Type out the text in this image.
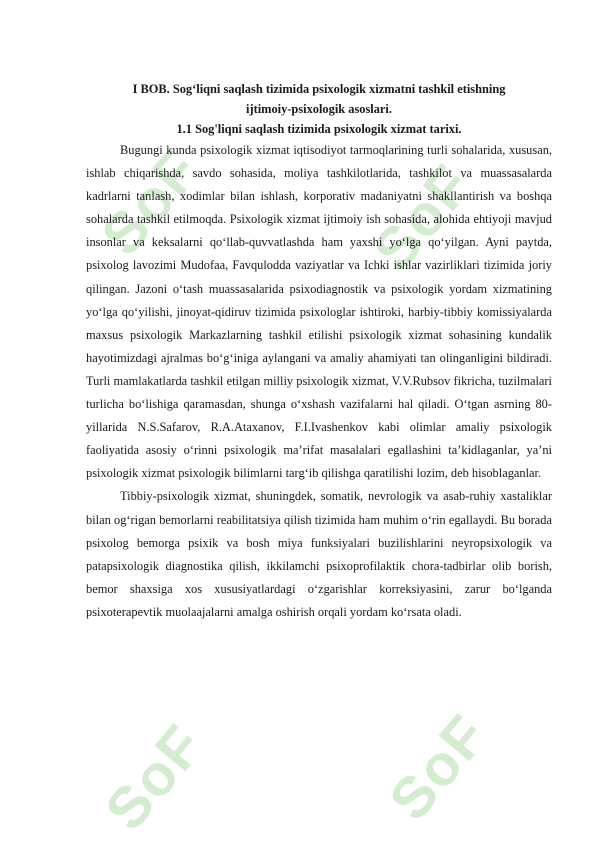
SoF	SoF
SoF	SoF

I BOB. Sog‘liqni saqlash tizimida psixologik xizmatni tashkil etishning

ijtimoiy-psixologik asoslari.

1.1 Sog'liqni saqlash tizimida psixologik xizmat tarixi.

Bugungi kunda psixologik xizmat iqtisodiyot tarmoqlarining turli sohalarida, xususan, ishlab chiqarishda, savdo sohasida, moliya tashkilotlarida, tashkilot va muassasalarda kadrlarni tanlash, xodimlar bilan ishlash, korporativ madaniyatni shakllantirish va boshqa sohalarda tashkil etilmoqda. Psixologik xizmat ijtimoiy ish sohasida, alohida ehtiyoji mavjud insonlar va keksalarni qo‘llab-quvvatlashda ham yaxshi yo‘lga qo‘yilgan. Ayni paytda, psixolog lavozimi Mudofaa, Favqulodda vaziyatlar va Ichki ishlar vazirliklari tizimida joriy qilingan. Jazoni o‘tash muassasalarida psixodiagnostik va psixologik yordam xizmatining yo‘lga qo‘yilishi, jinoyat-qidiruv tizimida psixologlar ishtiroki, harbiy-tibbiy komissiyalarda maxsus psixologik Markazlarning tashkil etilishi psixologik xizmat sohasining kundalik hayotimizdagi ajralmas bo‘g‘iniga aylangani va amaliy ahamiyati tan olinganligini bildiradi. Turli mamlakatlarda tashkil etilgan milliy psixologik xizmat, V.V.Rubsov fikricha, tuzilmalari turlicha bo‘lishiga qaramasdan, shunga o‘xshash vazifalarni hal qiladi. O‘tgan asrning 80-yillarida N.S.Safarov, R.A.Ataxanov, F.I.Ivashenkov kabi olimlar amaliy psixologik faoliyatida asosiy o‘rinni psixologik ma’rifat masalalari egallashini ta’kidlaganlar, ya’ni psixologik xizmat psixologik bilimlarni targ‘ib qilishga qaratilishi lozim, deb hisoblaganlar.

Tibbiy-psixologik xizmat, shuningdek, somatik, nevrologik va asab-ruhiy xastaliklar bilan og‘rigan bemorlarni reabilitatsiya qilish tizimida ham muhim o‘rin egallaydi. Bu borada psixolog bemorga psixik va bosh miya funksiyalari buzilishlarini neyropsixologik va patapsixologik diagnostika qilish, ikkilamchi psixoprofilaktik chora-tadbirlar olib borish, bemor shaxsiga xos xususiyatlardagi o‘zgarishlar korreksiyasini, zarur bo‘lganda psixoterapevtik muolaajalarni amalga oshirish orqali yordam ko‘rsata oladi.
